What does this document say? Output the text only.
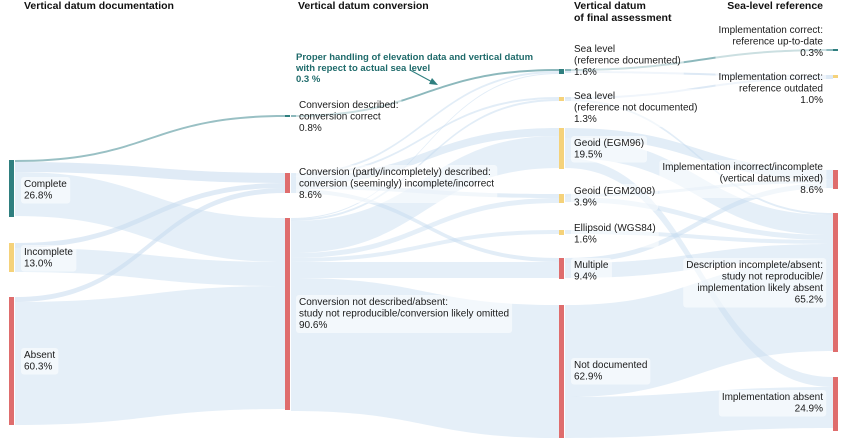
Complete 26.8%
Incomplete 13.0%
Absent 60.3%
Conversion described: conversion correct 0.8%
Conversion (partly/incompletely) described: conversion (seemingly) incomplete/incorrect 8.6%
Conversion not described/absent: study not reproducible/conversion likely omitted 90.6%
Sea level (reference documented) 1.6%
Sea level (reference not documented) 1.3%
Geoid (EGM96) 19.5%
Geoid (EGM2008) 3.9%
Ellipsoid (WGS84) 1.6%
Multiple 9.4%
Not documented 62.9%
Implementation correct: reference up-to-date 0.3%
Implementation correct: reference outdated 1.0%
Implementation incorrect/incomplete (vertical datums mixed) 8.6%
Description incomplete/absent: study not reproducible/ implementation likely absent 65.2%
Implementation absent 24.9%
Vertical datum documentation	Vertical datum conversion	Vertical datum
of final assessment
Sea-level reference
Proper handling of elevation data and vertical datum
with repect to actual sea level
0.3 %
